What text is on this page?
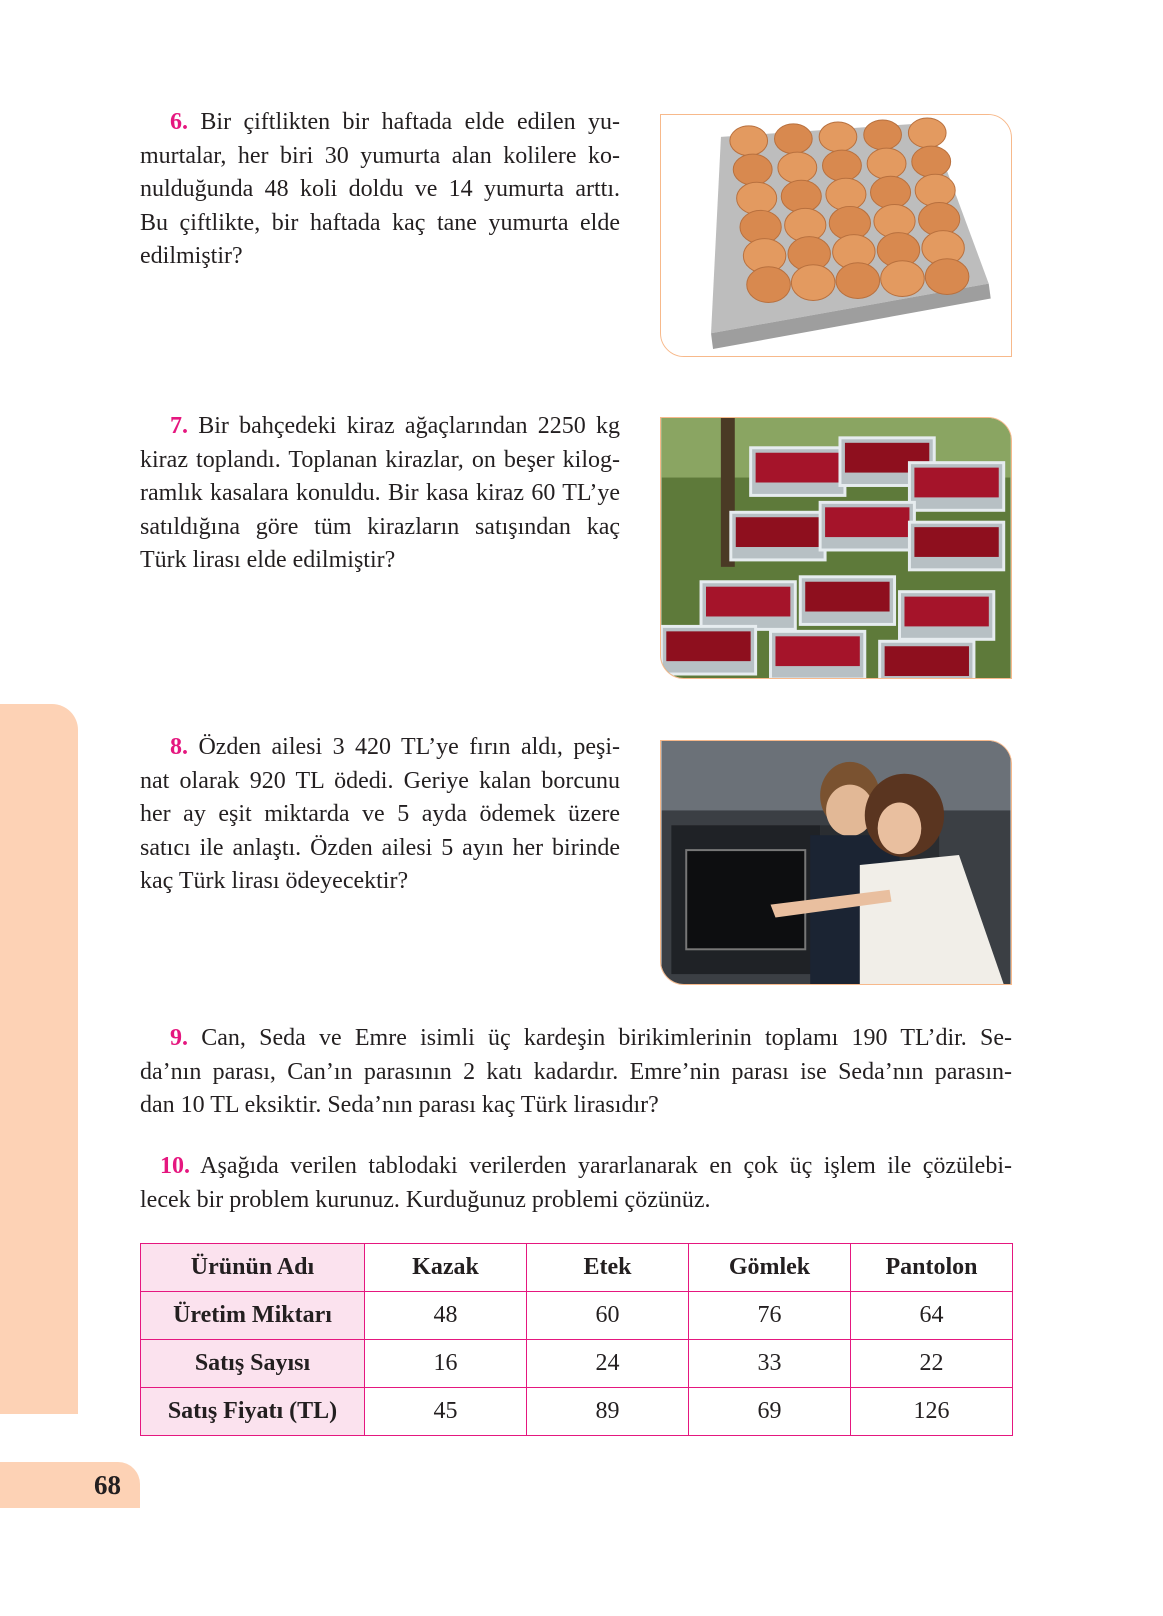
68
6. Bir çiftlikten bir haftada elde edilen yu-
murtalar, her biri 30 yumurta alan kolilere ko-
nulduğunda 48 koli doldu ve 14 yumurta arttı.
Bu çiftlikte, bir haftada kaç tane yumurta elde
edilmiştir?
7. Bir bahçedeki kiraz ağaçlarından 2250 kg
kiraz toplandı. Toplanan kirazlar, on beşer kilog-
ramlık kasalara konuldu. Bir kasa kiraz 60 TL’ye
satıldığına göre tüm kirazların satışından kaç
Türk lirası elde edilmiştir?
8. Özden ailesi 3 420 TL’ye fırın aldı, peşi-
nat olarak 920 TL ödedi. Geriye kalan borcunu
her ay eşit miktarda ve 5 ayda ödemek üzere
satıcı ile anlaştı. Özden ailesi 5 ayın her birinde
kaç Türk lirası ödeyecektir?
9. Can, Seda ve Emre isimli üç kardeşin birikimlerinin toplamı 190 TL’dir. Se-
da’nın parası, Can’ın parasının 2 katı kadardır. Emre’nin parası ise Seda’nın parasın-
dan 10 TL eksiktir. Seda’nın parası kaç Türk lirasıdır?
10. Aşağıda verilen tablodaki verilerden yararlanarak en çok üç işlem ile çözülebi-
lecek bir problem kurunuz. Kurduğunuz problemi çözünüz.
Ürünün Adı	Kazak	Etek	Gömlek	Pantolon
Üretim Miktarı	48	60	76	64
Satış Sayısı	16	24	33	22
Satış Fiyatı (TL)	45	89	69	126
